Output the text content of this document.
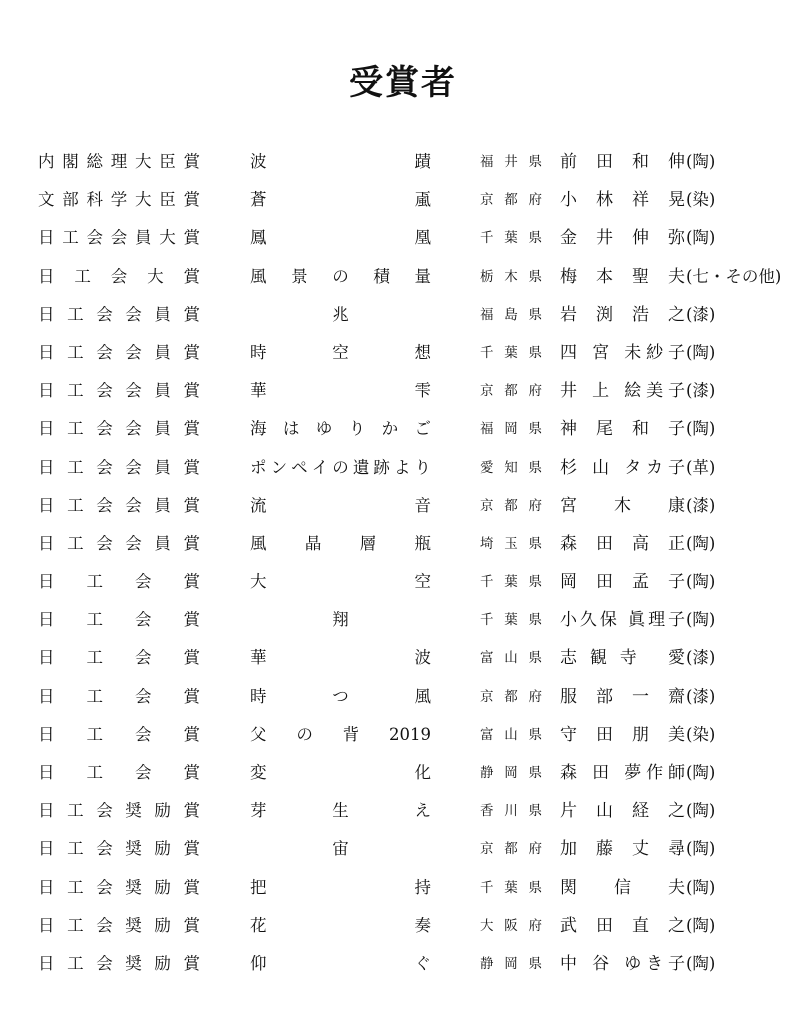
受賞者
内閣総理大臣賞	波 蹟	福 井 県 前 田 和 伸 (陶)
文部科学大臣賞	蒼 颪	京 都 府 小 林 祥 晃 (染)
日工会会員大賞	鳳 凰	千 葉 県 金 井 伸 弥 (陶)
日 工 会 大 賞	風 景 の 積 量	栃 木 県 梅 本 聖 夫 (七・その他)
日 工 会 会 員 賞	兆	福 島 県 岩 渕 浩 之 (漆)
日 工 会 会 員 賞	時 空 想	千 葉 県 四 宮 未紗子 (陶)
日 工 会 会 員 賞	華 雫	京 都 府 井 上 絵美子 (漆)
日 工 会 会 員 賞	海 は ゆ り か ご	福 岡 県 神 尾 和 子 (陶)
日 工 会 会 員 賞	ポンペイの遺跡より	愛 知 県 杉 山 タカ子 (革)
日 工 会 会 員 賞	流 音	京 都 府 宮 木 康 (漆)
日 工 会 会 員 賞	風 晶 層 瓶	埼 玉 県 森 田 高 正 (陶)
日 工 会 賞	大 空	千 葉 県 岡 田 孟 子 (陶)
日 工 会 賞	翔	千 葉 県 小久保 眞理子 (陶)
日 工 会 賞	華 波	富 山 県 志観寺 愛 (漆)
日 工 会 賞	時 つ 風	京 都 府 服 部 一 齋 (漆)
日 工 会 賞	父 の 背 2019	富 山 県 守 田 朋 美 (染)
日 工 会 賞	変 化	静 岡 県 森 田 夢作師 (陶)
日 工 会 奨 励 賞	芽 生 え	香 川 県 片 山 経 之 (陶)
日 工 会 奨 励 賞	宙	京 都 府 加 藤 丈 尋 (陶)
日 工 会 奨 励 賞	把 持	千 葉 県 関 信 夫 (陶)
日 工 会 奨 励 賞	花 奏	大 阪 府 武 田 直 之 (陶)
日 工 会 奨 励 賞	仰 ぐ	静 岡 県 中 谷 ゆき子 (陶)
